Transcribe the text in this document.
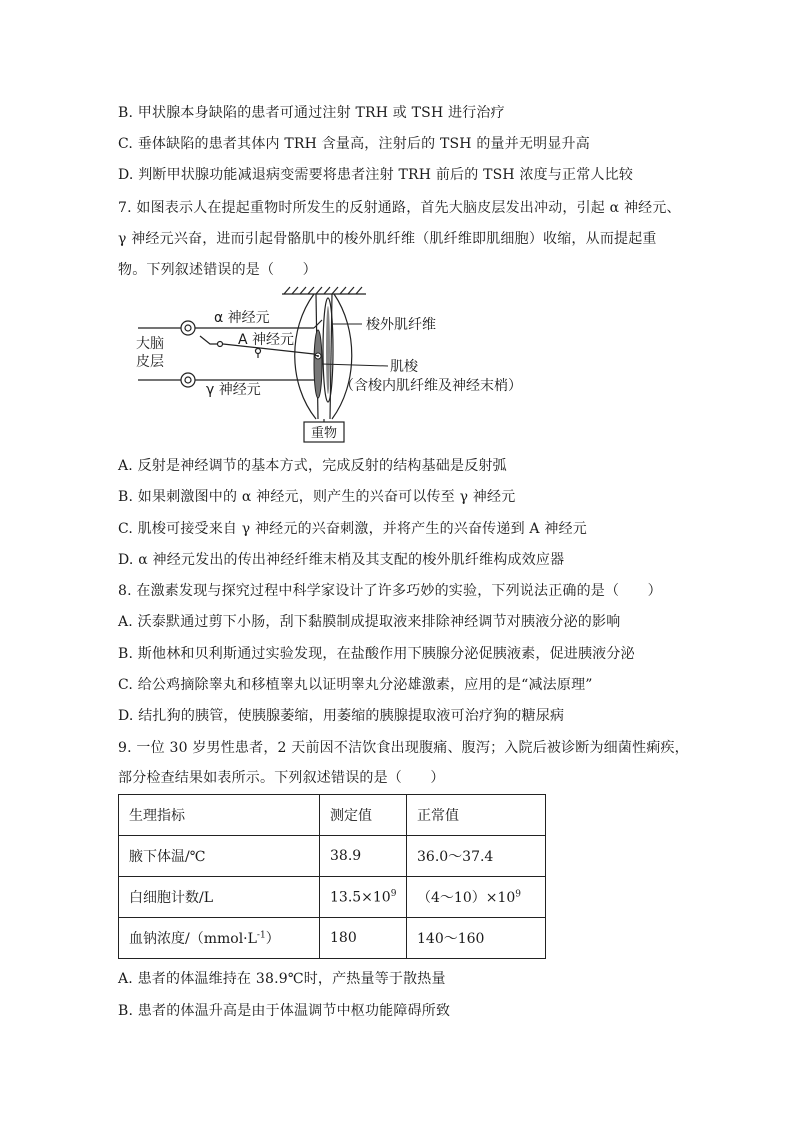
B. 甲状腺本身缺陷的患者可通过注射 TRH 或 TSH 进行治疗
C. 垂体缺陷的患者其体内 TRH 含量高，注射后的 TSH 的量并无明显升高
D. 判断甲状腺功能减退病变需要将患者注射 TRH 前后的 TSH 浓度与正常人比较
7. 如图表示人在提起重物时所发生的反射通路，首先大脑皮层发出冲动，引起 α 神经元、
γ 神经元兴奋，进而引起骨骼肌中的梭外肌纤维（肌纤维即肌细胞）收缩，从而提起重
物。下列叙述错误的是（　　）
重物
α 神经元
A 神经元
大脑
皮层
γ 神经元
梭外肌纤维
肌梭
（含梭内肌纤维及神经末梢）
A. 反射是神经调节的基本方式，完成反射的结构基础是反射弧
B. 如果刺激图中的 α 神经元，则产生的兴奋可以传至 γ 神经元
C. 肌梭可接受来自 γ 神经元的兴奋刺激，并将产生的兴奋传递到 A 神经元
D. α 神经元发出的传出神经纤维末梢及其支配的梭外肌纤维构成效应器
8. 在激素发现与探究过程中科学家设计了许多巧妙的实验，下列说法正确的是（　　）
A. 沃泰默通过剪下小肠，刮下黏膜制成提取液来排除神经调节对胰液分泌的影响
B. 斯他林和贝利斯通过实验发现，在盐酸作用下胰腺分泌促胰液素，促进胰液分泌
C. 给公鸡摘除睾丸和移植睾丸以证明睾丸分泌雄激素，应用的是“减法原理”
D. 结扎狗的胰管，使胰腺萎缩，用萎缩的胰腺提取液可治疗狗的糖尿病
9. 一位 30 岁男性患者，2 天前因不洁饮食出现腹痛、腹泻；入院后被诊断为细菌性痢疾，
部分检查结果如表所示。下列叙述错误的是（　　）
生理指标	测定值	正常值
腋下体温/℃	38.9	36.0～37.4
白细胞计数/L	$13.5\times 10^9$	$(4\sim 10)\times 10^9$
血钠浓度$/(mmol\cdot L^{-1})$	180	140～160
A. 患者的体温维持在 38.9℃时，产热量等于散热量
B. 患者的体温升高是由于体温调节中枢功能障碍所致
